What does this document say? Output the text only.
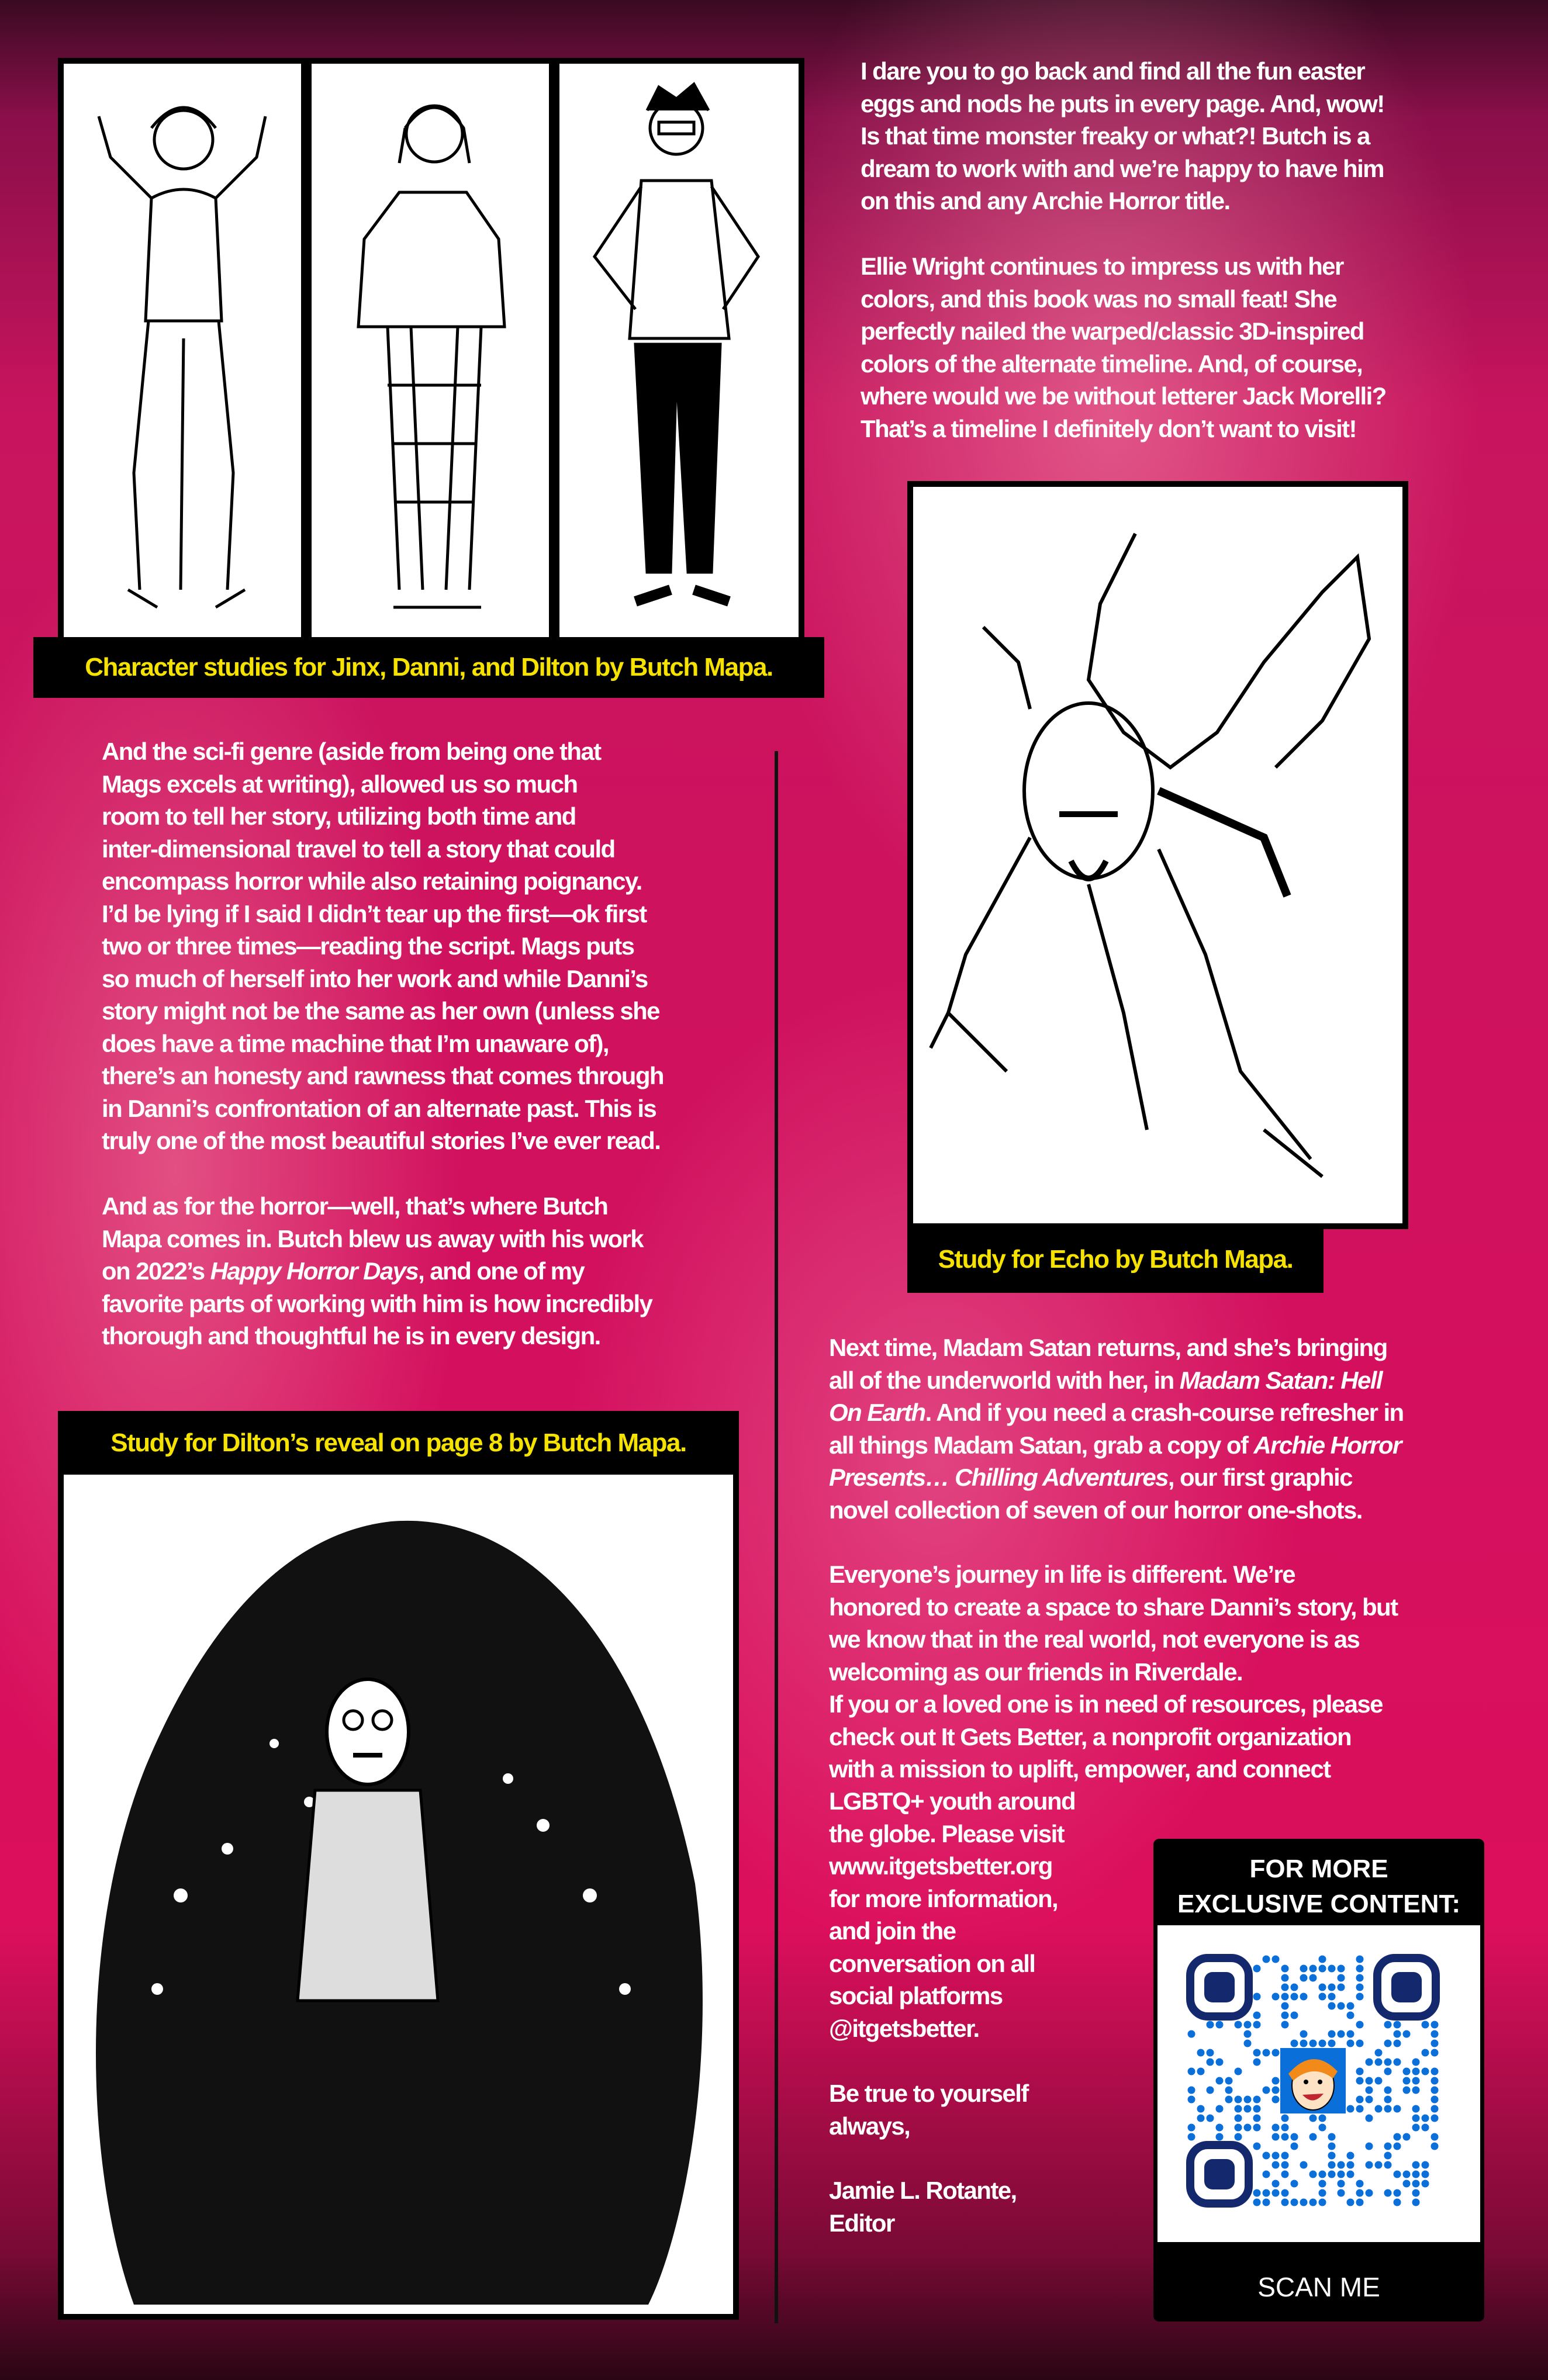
Character studies for Jinx, Danni, and Dilton by Butch Mapa.
I dare you to go back and find all the fun easter
eggs and nods he puts in every page. And, wow!
Is that time monster freaky or what?! Butch is a
dream to work with and we’re happy to have him
on this and any Archie Horror title.
Ellie Wright continues to impress us with her
colors, and this book was no small feat! She
perfectly nailed the warped/classic 3D-inspired
colors of the alternate timeline. And, of course,
where would we be without letterer Jack Morelli?
That’s a timeline I definitely don’t want to visit!
Study for Echo by Butch Mapa.
And the sci-fi genre (aside from being one that
Mags excels at writing), allowed us so much
room to tell her story, utilizing both time and
inter-dimensional travel to tell a story that could
encompass horror while also retaining poignancy.
I’d be lying if I said I didn’t tear up the first—ok first
two or three times—reading the script. Mags puts
so much of herself into her work and while Danni’s
story might not be the same as her own (unless she
does have a time machine that I’m unaware of),
there’s an honesty and rawness that comes through
in Danni’s confrontation of an alternate past. This is
truly one of the most beautiful stories I’ve ever read.
And as for the horror—well, that’s where Butch
Mapa comes in. Butch blew us away with his work
on 2022’s Happy Horror Days, and one of my
favorite parts of working with him is how incredibly
thorough and thoughtful he is in every design.
Study for Dilton’s reveal on page 8 by Butch Mapa.
Next time, Madam Satan returns, and she’s bringing
all of the underworld with her, in Madam Satan: Hell
On Earth. And if you need a crash-course refresher in
all things Madam Satan, grab a copy of Archie Horror
Presents… Chilling Adventures, our first graphic
novel collection of seven of our horror one-shots.
Everyone’s journey in life is different. We’re
honored to create a space to share Danni’s story, but
we know that in the real world, not everyone is as
welcoming as our friends in Riverdale.
If you or a loved one is in need of resources, please
check out It Gets Better, a nonprofit organization
with a mission to uplift, empower, and connect
LGBTQ+ youth around
the globe. Please visit
www.itgetsbetter.org
for more information,
and join the
conversation on all
social platforms
@itgetsbetter.
Be true to yourself
always,
Jamie L. Rotante,
Editor
FOR MORE
EXCLUSIVE CONTENT:
SCAN ME
